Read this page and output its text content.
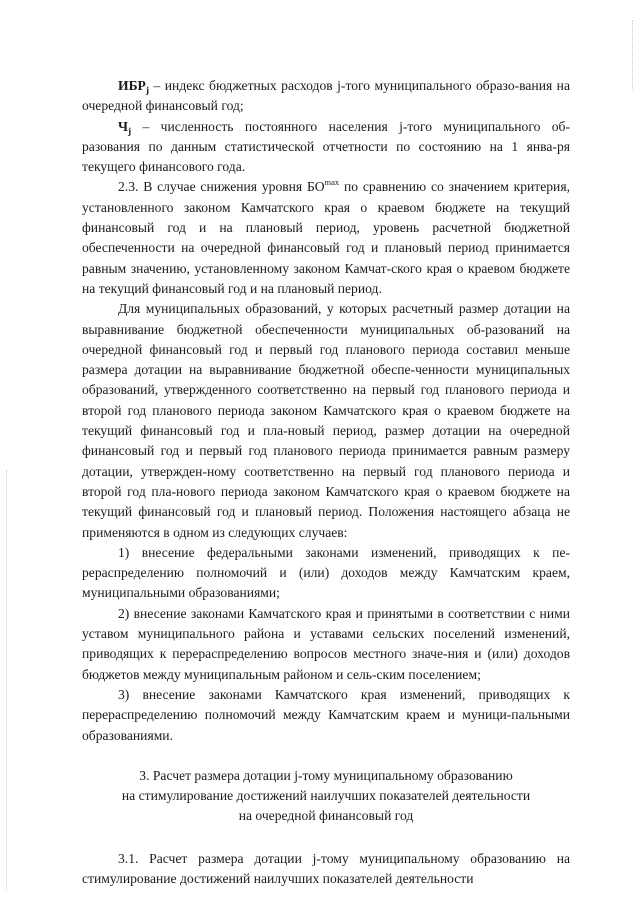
$ИБР_j$ – индекс бюджетных расходов j-того муниципального образо-вания на очередной финансовый год;

$Ч_j$ – численность постоянного населения j-того муниципального об-разования по данным статистической отчетности по состоянию на 1 янва-ря текущего финансового года.

2.3. В случае снижения уровня $БО^{max}$ по сравнению со значением критерия, установленного законом Камчатского края о краевом бюджете на текущий финансовый год и на плановый период, уровень расчетной бюджетной обеспеченности на очередной финансовый год и плановый период принимается равным значению, установленному законом Камчат-ского края о краевом бюджете на текущий финансовый год и на плановый период.

Для муниципальных образований, у которых расчетный размер дотации на выравнивание бюджетной обеспеченности муниципальных об-разований на очередной финансовый год и первый год планового периода составил меньше размера дотации на выравнивание бюджетной обеспе-ченности муниципальных образований, утвержденного соответственно на первый год планового периода и второй год планового периода законом Камчатского края о краевом бюджете на текущий финансовый год и пла-новый период, размер дотации на очередной финансовый год и первый год планового периода принимается равным размеру дотации, утвержден-ному соответственно на первый год планового периода и второй год пла-нового периода законом Камчатского края о краевом бюджете на текущий финансовый год и плановый период. Положения настоящего абзаца не применяются в одном из следующих случаев:

1) внесение федеральными законами изменений, приводящих к пе-рераспределению полномочий и (или) доходов между Камчатским краем, муниципальными образованиями;

2) внесение законами Камчатского края и принятыми в соответствии с ними уставом муниципального района и уставами сельских поселений изменений, приводящих к перераспределению вопросов местного значе-ния и (или) доходов бюджетов между муниципальным районом и сель-ским поселением;

3) внесение законами Камчатского края изменений, приводящих к перераспределению полномочий между Камчатским краем и муници-пальными образованиями.

3. Расчет размера дотации j-тому муниципальному образованию
на стимулирование достижений наилучших показателей деятельности
на очередной финансовый год

3.1. Расчет размера дотации j-тому муниципальному образованию на стимулирование достижений наилучших показателей деятельности
